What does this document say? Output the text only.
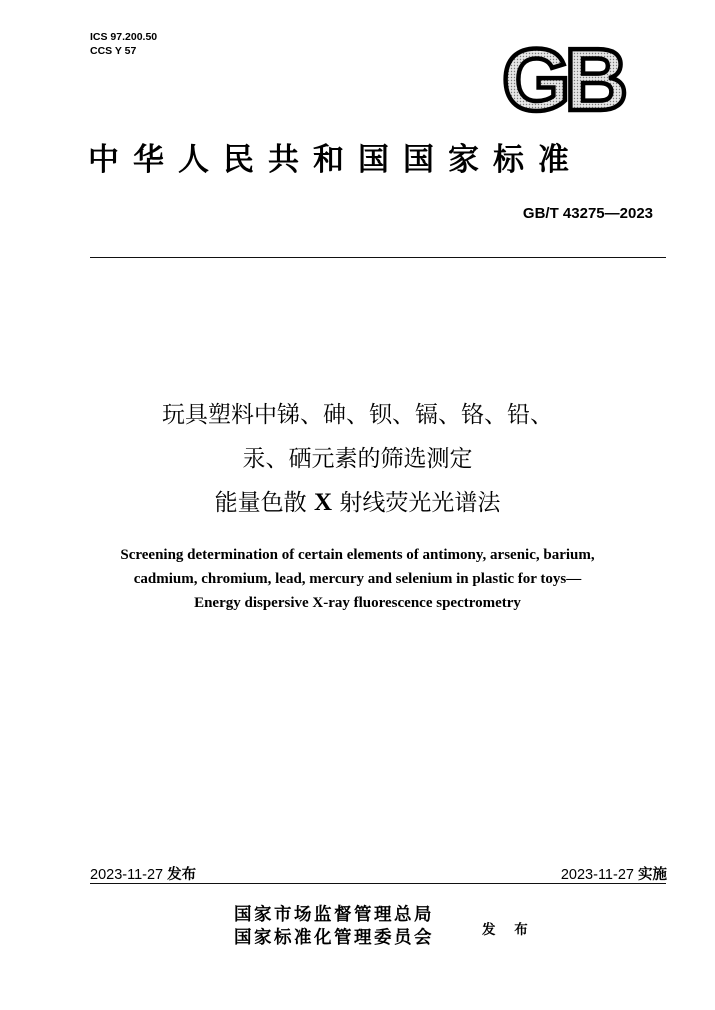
ICS 97.200.50
CCS Y 57	GB
中华人民共和国国家标准
GB/T 43275—2023
玩具塑料中锑、砷、钡、镉、铬、铅、
汞、硒元素的筛选测定
能量色散 X 射线荧光光谱法
Screening determination of certain elements of antimony, arsenic, barium,
cadmium, chromium, lead, mercury and selenium in plastic for toys—
Energy dispersive X-ray fluorescence spectrometry
2023-11-27 发布	2023-11-27 实施
国家市场监督管理总局
国家标准化管理委员会	发 布
